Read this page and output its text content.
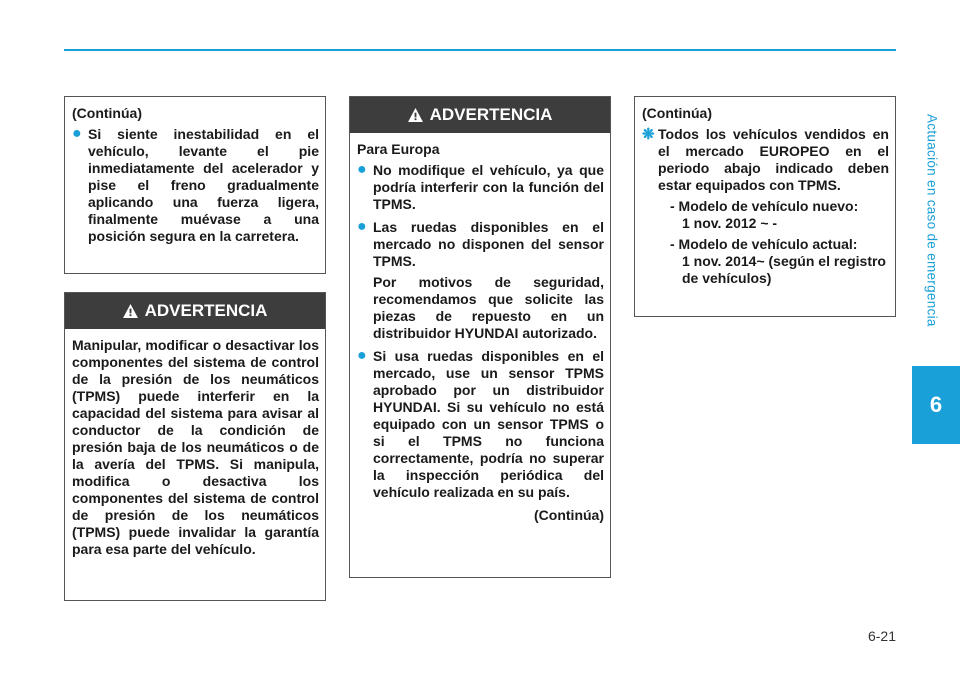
Actuación en caso de emergencia
6
6-21
(Continúa)
● Si siente inestabilidad en el vehículo, levante el pie inmediatamente del acelerador y pise el freno gradualmente aplicando una fuerza ligera, finalmente muévase a una posición segura en la carretera.
ADVERTENCIA
Manipular, modificar o desactivar los componentes del sistema de control de la presión de los neumáticos (TPMS) puede interferir en la capacidad del sistema para avisar al conductor de la condición de presión baja de los neumáticos o de la avería del TPMS. Si manipula, modifica o desactiva los componentes del sistema de control de presión de los neumáticos (TPMS) puede invalidar la garantía para esa parte del vehículo.
ADVERTENCIA
Para Europa
● No modifique el vehículo, ya que podría interferir con la función del TPMS.
● Las ruedas disponibles en el mercado no disponen del sensor TPMS.
Por motivos de seguridad, recomendamos que solicite las piezas de repuesto en un distribuidor HYUNDAI autorizado.
● Si usa ruedas disponibles en el mercado, use un sensor TPMS aprobado por un distribuidor HYUNDAI. Si su vehículo no está equipado con un sensor TPMS o si el TPMS no funciona correctamente, podría no superar la inspección periódica del vehículo realizada en su país.
(Continúa)
(Continúa)
❋ Todos los vehículos vendidos en el mercado EUROPEO en el periodo abajo indicado deben estar equipados con TPMS.
- Modelo de vehículo nuevo:
1 nov. 2012 ~ -
- Modelo de vehículo actual:
1 nov. 2014~ (según el registro de vehículos)
